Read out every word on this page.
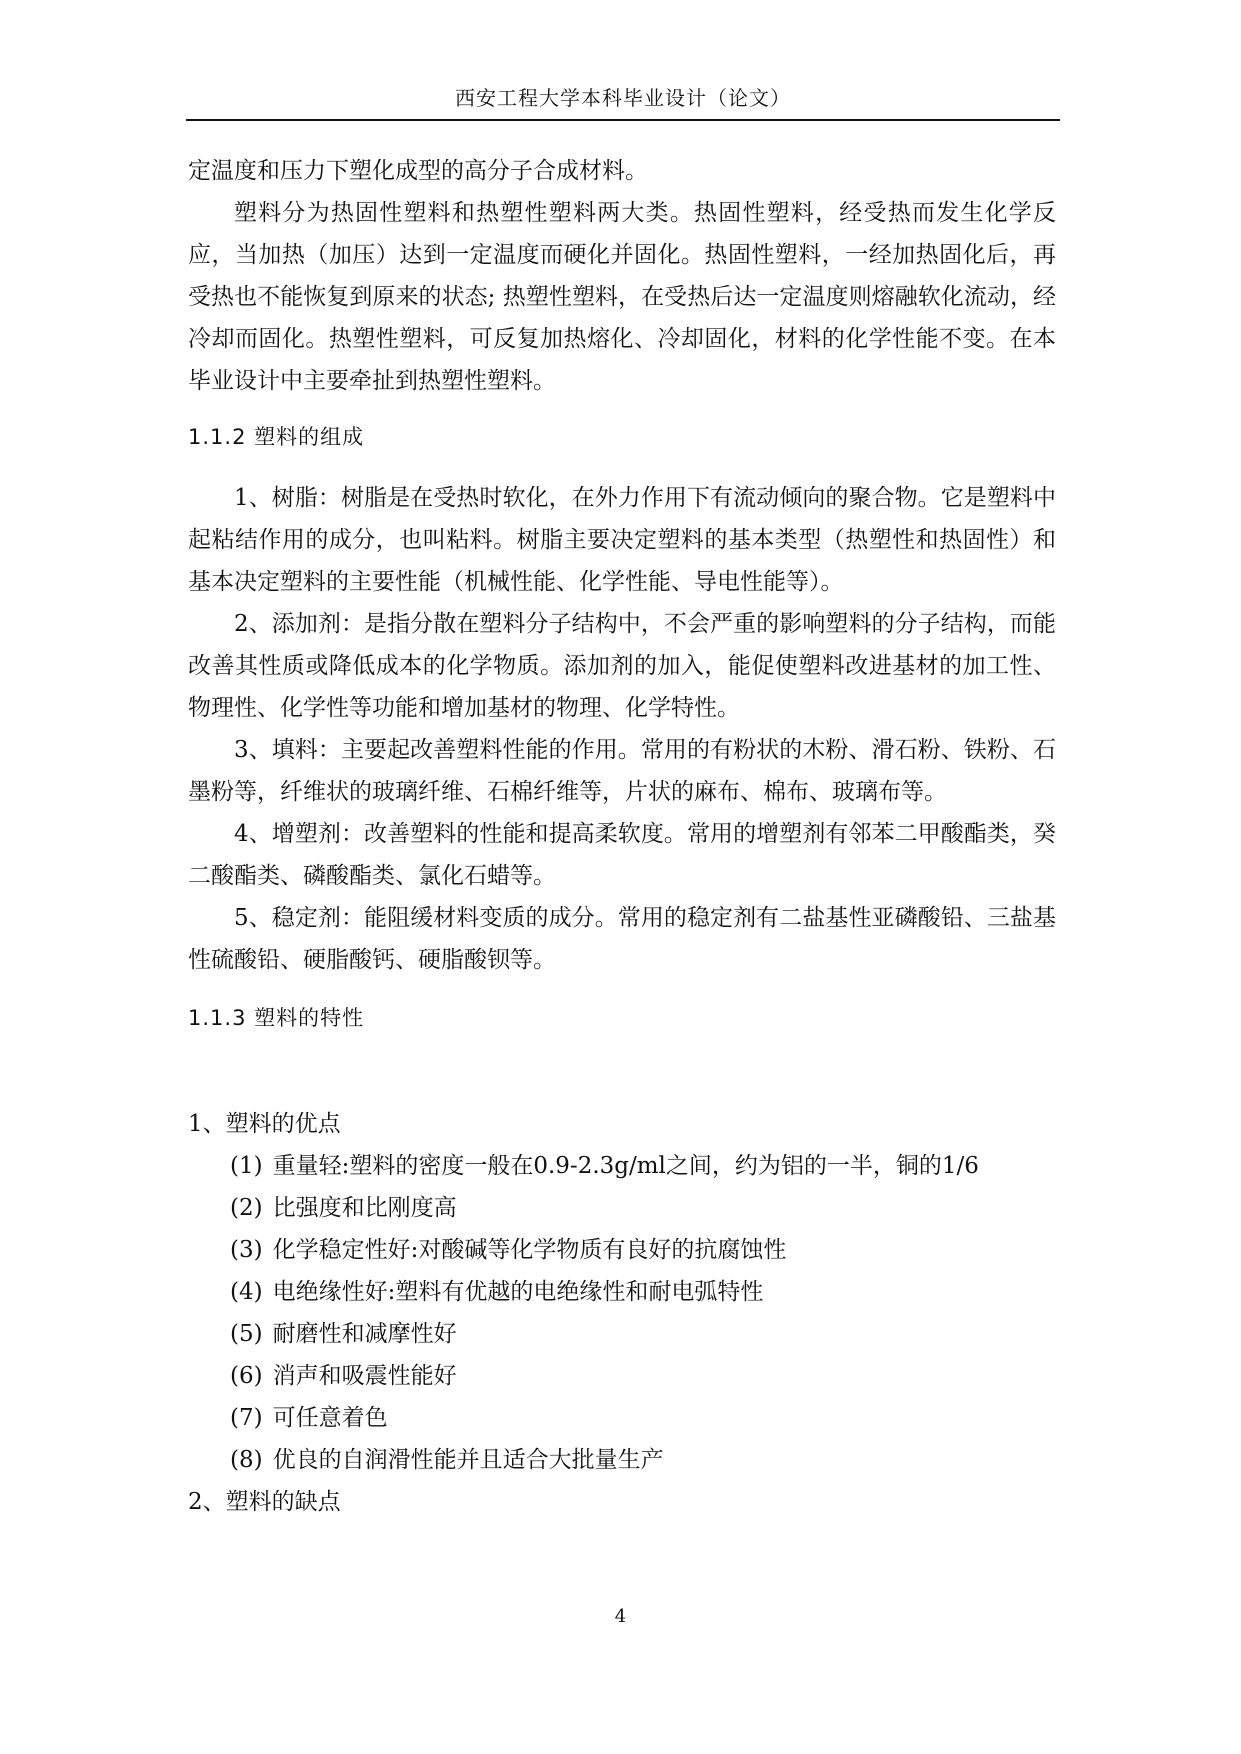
西安工程大学本科毕业设计（论文）

定温度和压力下塑化成型的高分子合成材料。

塑料分为热固性塑料和热塑性塑料两大类。热固性塑料，经受热而发生化学反应，当加热（加压）达到一定温度而硬化并固化。热固性塑料，一经加热固化后，再受热也不能恢复到原来的状态; 热塑性塑料，在受热后达一定温度则熔融软化流动，经冷却而固化。热塑性塑料，可反复加热熔化、冷却固化，材料的化学性能不变。在本毕业设计中主要牵扯到热塑性塑料。

1.1.2 塑料的组成

1、树脂：树脂是在受热时软化，在外力作用下有流动倾向的聚合物。它是塑料中起粘结作用的成分，也叫粘料。树脂主要决定塑料的基本类型（热塑性和热固性）和基本决定塑料的主要性能（机械性能、化学性能、导电性能等）。

2、添加剂：是指分散在塑料分子结构中，不会严重的影响塑料的分子结构，而能改善其性质或降低成本的化学物质。添加剂的加入，能促使塑料改进基材的加工性、物理性、化学性等功能和增加基材的物理、化学特性。

3、填料：主要起改善塑料性能的作用。常用的有粉状的木粉、滑石粉、铁粉、石墨粉等，纤维状的玻璃纤维、石棉纤维等，片状的麻布、棉布、玻璃布等。

4、增塑剂：改善塑料的性能和提高柔软度。常用的增塑剂有邻苯二甲酸酯类，癸二酸酯类、磷酸酯类、氯化石蜡等。

5、稳定剂：能阻缓材料变质的成分。常用的稳定剂有二盐基性亚磷酸铅、三盐基性硫酸铅、硬脂酸钙、硬脂酸钡等。

1.1.3 塑料的特性

1、塑料的优点

(1) 重量轻:塑料的密度一般在0.9-2.3g/ml之间，约为铝的一半，铜的1/6

(2) 比强度和比刚度高

(3) 化学稳定性好:对酸碱等化学物质有良好的抗腐蚀性

(4) 电绝缘性好:塑料有优越的电绝缘性和耐电弧特性

(5) 耐磨性和减摩性好

(6) 消声和吸震性能好

(7) 可任意着色

(8) 优良的自润滑性能并且适合大批量生产

2、塑料的缺点

4
